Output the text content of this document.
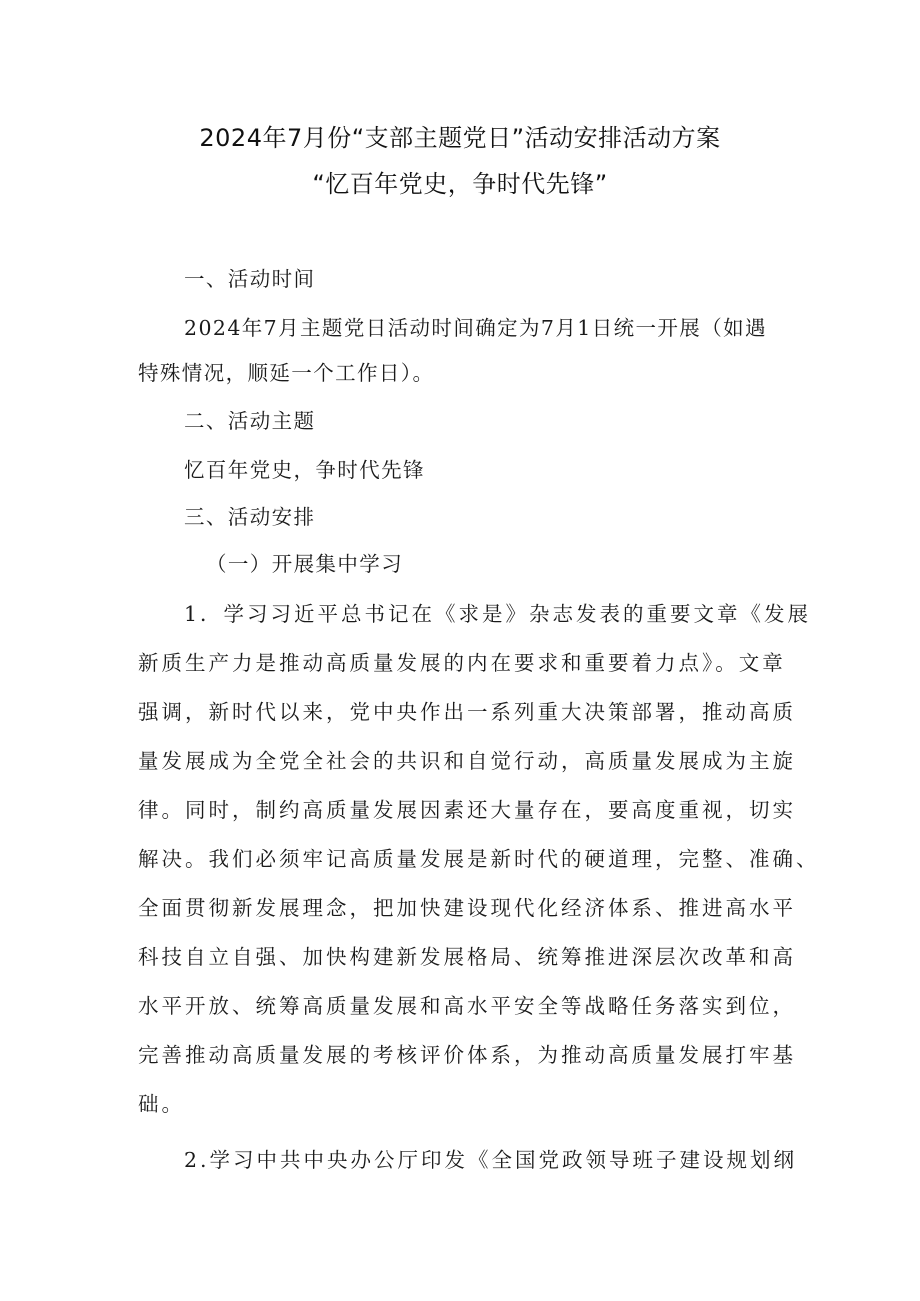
2024年7月份“支部主题党日”活动安排活动方案
“忆百年党史，争时代先锋”
一、活动时间
2024年7月主题党日活动时间确定为7月1日统一开展（如遇
特殊情况，顺延一个工作日）。
二、活动主题
忆百年党史，争时代先锋
三、活动安排
（一）开展集中学习
1．学习习近平总书记在《求是》杂志发表的重要文章《发展
新质生产力是推动高质量发展的内在要求和重要着力点》。文章
强调，新时代以来，党中央作出一系列重大决策部署，推动高质
量发展成为全党全社会的共识和自觉行动，高质量发展成为主旋
律。同时，制约高质量发展因素还大量存在，要高度重视，切实
解决。我们必须牢记高质量发展是新时代的硬道理，完整、准确、
全面贯彻新发展理念，把加快建设现代化经济体系、推进高水平
科技自立自强、加快构建新发展格局、统筹推进深层次改革和高
水平开放、统筹高质量发展和高水平安全等战略任务落实到位，
完善推动高质量发展的考核评价体系，为推动高质量发展打牢基
础。
2.学习中共中央办公厅印发《全国党政领导班子建设规划纲
